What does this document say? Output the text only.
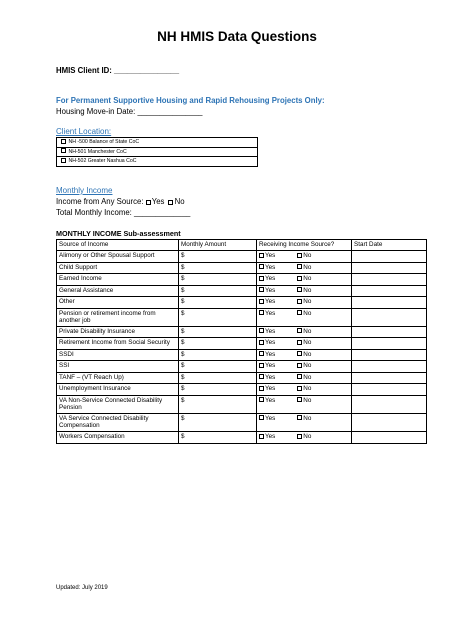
NH HMIS Data Questions
HMIS Client ID: _______________
For Permanent Supportive Housing and Rapid Rehousing Projects Only:
Housing Move-in Date: _______________
Client Location:
NH -500 Balance of State CoC
NH-501 Manchester CoC
NH-502 Greater Nashua CoC
Monthly Income
Income from Any Source: Yes No
Total Monthly Income: _____________
MONTHLY INCOME Sub-assessment
Source of Income	Monthly Amount	Receiving Income Source?	Start Date
Alimony or Other Spousal Support	$	Yes No	
Child Support	$	Yes No	
Earned Income	$	Yes No	
General Assistance	$	Yes No	
Other	$	Yes No	
Pension or retirement income from another job	$	Yes No	
Private Disability Insurance	$	Yes No	
Retirement Income from Social Security	$	Yes No	
SSDI	$	Yes No	
SSI	$	Yes No	
TANF – (VT Reach Up)	$	Yes No	
Unemployment Insurance	$	Yes No	
VA Non-Service Connected Disability Pension	$	Yes No	
VA Service Connected Disability Compensation	$	Yes No	
Workers Compensation	$	Yes No	
Updated: July 2019
